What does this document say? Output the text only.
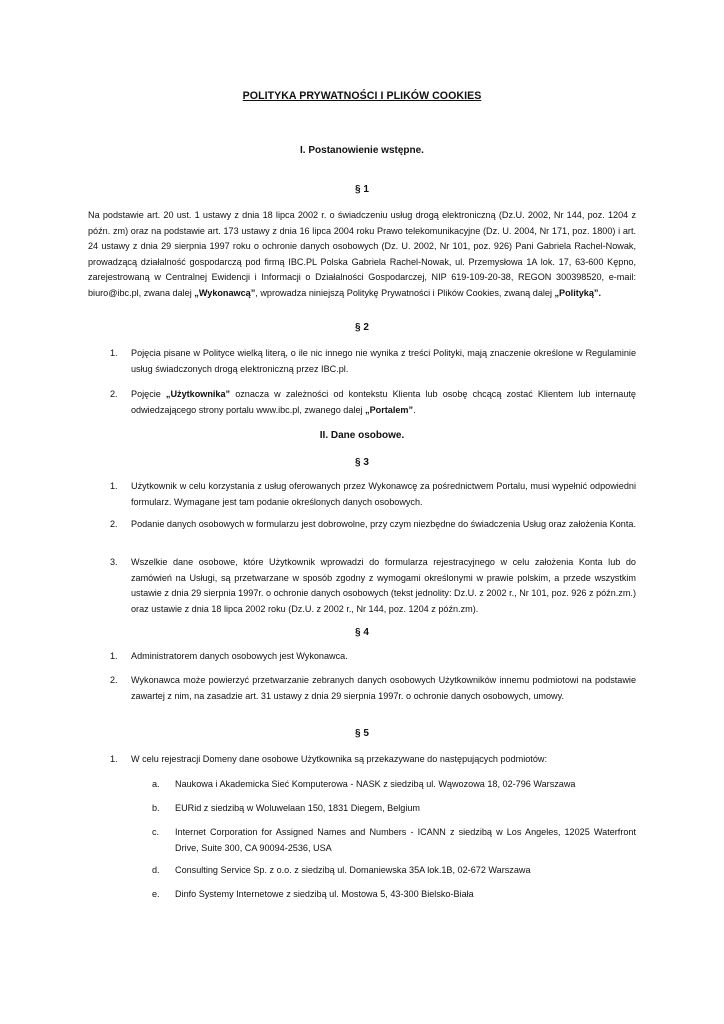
POLITYKA PRYWATNOŚCI I PLIKÓW COOKIES
I. Postanowienie wstępne.
§ 1
Na podstawie art. 20 ust. 1 ustawy z dnia 18 lipca 2002 r. o świadczeniu usług drogą elektroniczną (Dz.U. 2002, Nr 144, poz. 1204 z późn. zm) oraz na podstawie art. 173 ustawy z dnia 16 lipca 2004 roku Prawo telekomunikacyjne (Dz. U. 2004, Nr 171, poz. 1800) i art. 24 ustawy z dnia 29 sierpnia 1997 roku o ochronie danych osobowych (Dz. U. 2002, Nr 101, poz. 926) Pani Gabriela Rachel-Nowak, prowadzącą działalność gospodarczą pod firmą IBC.PL Polska Gabriela Rachel-Nowak, ul. Przemysłowa 1A lok. 17, 63-600 Kępno, zarejestrowaną w Centralnej Ewidencji i Informacji o Działalności Gospodarczej, NIP 619-109-20-38, REGON 300398520, e-mail: biuro@ibc.pl, zwana dalej „Wykonawcą”, wprowadza niniejszą Politykę Prywatności i Plików Cookies, zwaną dalej „Polityką”.
§ 2
1.	Pojęcia pisane w Polityce wielką literą, o ile nic innego nie wynika z treści Polityki, mają znaczenie określone w Regulaminie usług świadczonych drogą elektroniczną przez IBC.pl.
2.	Pojęcie „Użytkownika” oznacza w zależności od kontekstu Klienta lub osobę chcącą zostać Klientem lub internautę odwiedzającego strony portalu www.ibc.pl, zwanego dalej „Portalem”.
II. Dane osobowe.
§ 3
1.	Użytkownik w celu korzystania z usług oferowanych przez Wykonawcę za pośrednictwem Portalu, musi wypełnić odpowiedni formularz. Wymagane jest tam podanie określonych danych osobowych.
2.	Podanie danych osobowych w formularzu jest dobrowolne, przy czym niezbędne do świadczenia Usług oraz założenia Konta.
3.	Wszelkie dane osobowe, które Użytkownik wprowadzi do formularza rejestracyjnego w celu założenia Konta lub do zamówień na Usługi, są przetwarzane w sposób zgodny z wymogami określonymi w prawie polskim, a przede wszystkim ustawie z dnia 29 sierpnia 1997r. o ochronie danych osobowych (tekst jednolity: Dz.U. z 2002 r., Nr 101, poz. 926 z późn.zm.) oraz ustawie z dnia 18 lipca 2002 roku (Dz.U. z 2002 r., Nr 144, poz. 1204 z późn.zm).
§ 4
1.	Administratorem danych osobowych jest Wykonawca.
2.	Wykonawca może powierzyć przetwarzanie zebranych danych osobowych Użytkowników innemu podmiotowi na podstawie zawartej z nim, na zasadzie art. 31 ustawy z dnia 29 sierpnia 1997r. o ochronie danych osobowych, umowy.
§ 5
1.	W celu rejestracji Domeny dane osobowe Użytkownika są przekazywane do następujących podmiotów:
a.	Naukowa i Akademicka Sieć Komputerowa - NASK z siedzibą ul. Wąwozowa 18, 02-796 Warszawa
b.	EURid z siedzibą w Woluwelaan 150, 1831 Diegem, Belgium
c.	Internet Corporation for Assigned Names and Numbers - ICANN z siedzibą w Los Angeles, 12025 Waterfront Drive, Suite 300, CA 90094-2536, USA
d.	Consulting Service Sp. z o.o. z siedzibą ul. Domaniewska 35A lok.1B, 02-672 Warszawa
e.	Dinfo Systemy Internetowe z siedzibą ul. Mostowa 5, 43-300 Bielsko-Biała
